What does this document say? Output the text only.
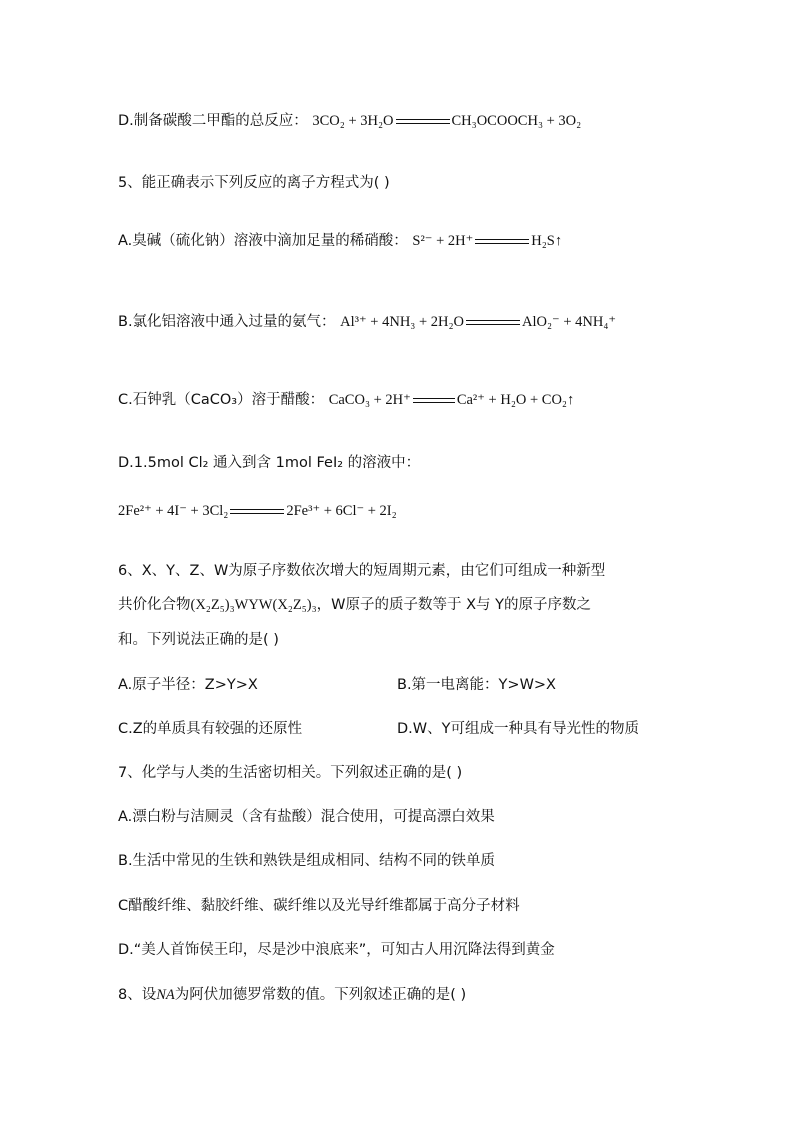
D.制备碳酸二甲酯的总反应： 3CO₂ + 3H₂O	CH₃OCOOCH₃ + 3O₂
5、能正确表示下列反应的离子方程式为( )
A.臭碱（硫化钠）溶液中滴加足量的稀硝酸： S²⁻ + 2H⁺	H₂S↑
B.氯化铝溶液中通入过量的氨气： Al³⁺ + 4NH₃ + 2H₂O	AlO₂⁻ + 4NH₄⁺
C.石钟乳（CaCO₃）溶于醋酸： CaCO₃ + 2H⁺	Ca²⁺ + H₂O + CO₂↑
D.1.5mol Cl₂ 通入到含 1mol FeI₂ 的溶液中：
2Fe²⁺ + 4I⁻ + 3Cl₂	2Fe³⁺ + 6Cl⁻ + 2I₂
6、X、Y、Z、W为原子序数依次增大的短周期元素，由它们可组成一种新型
共价化合物(X₂Z₅)₃WYW(X₂Z₅)₃，W原子的质子数等于 X与 Y的原子序数之
和。下列说法正确的是( )
A.原子半径：Z>Y>X	B.第一电离能：Y>W>X
C.Z的单质具有较强的还原性	D.W、Y可组成一种具有导光性的物质
7、化学与人类的生活密切相关。下列叙述正确的是( )
A.漂白粉与洁厕灵（含有盐酸）混合使用，可提高漂白效果
B.生活中常见的生铁和熟铁是组成相同、结构不同的铁单质
C醋酸纤维、黏胶纤维、碳纤维以及光导纤维都属于高分子材料
D.“美人首饰侯王印，尽是沙中浪底来”，可知古人用沉降法得到黄金
8、设NA为阿伏加德罗常数的值。下列叙述正确的是( )
